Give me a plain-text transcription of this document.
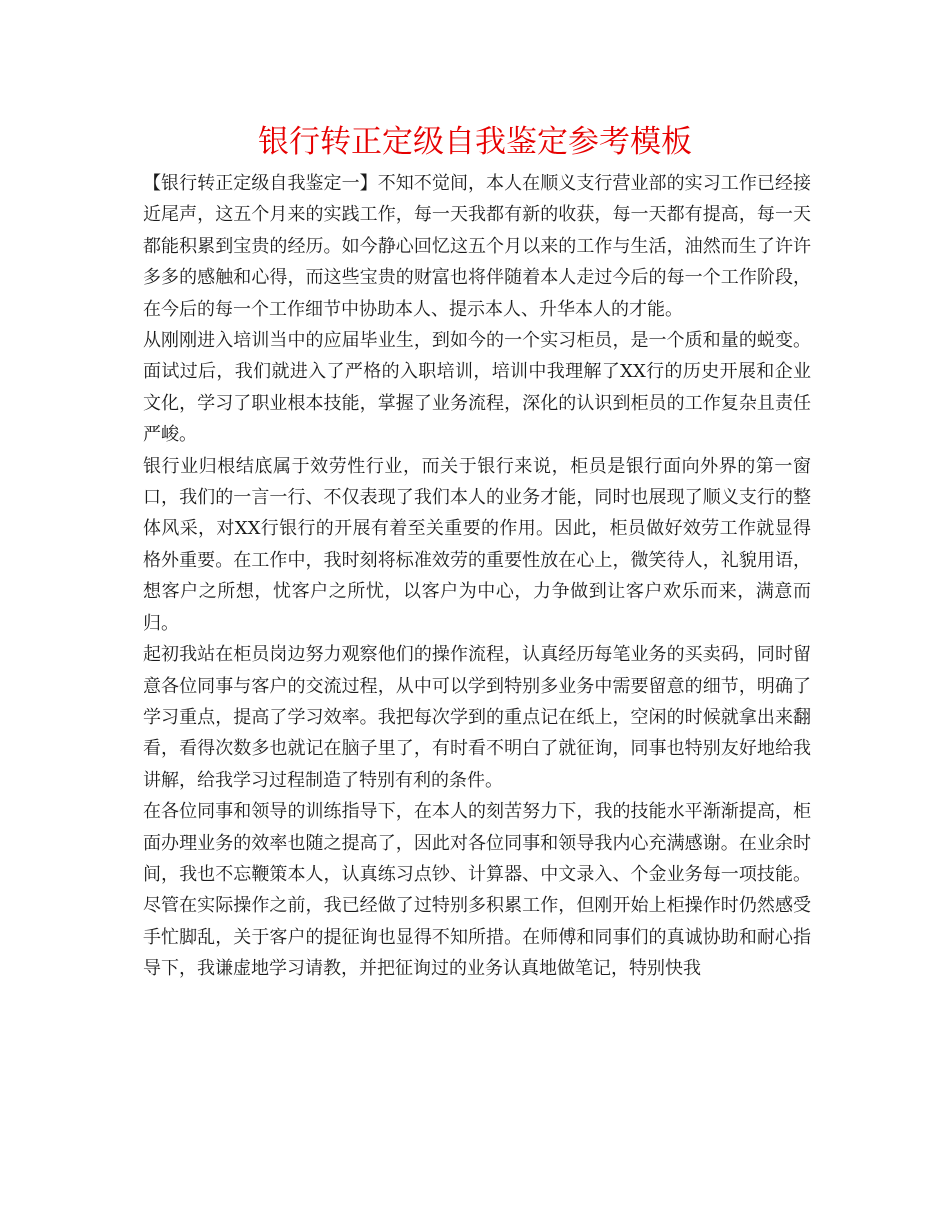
银行转正定级自我鉴定参考模板

【银行转正定级自我鉴定一】不知不觉间，本人在顺义支行营业部的实习工作已经接近尾声，这五个月来的实践工作，每一天我都有新的收获，每一天都有提高，每一天都能积累到宝贵的经历。如今静心回忆这五个月以来的工作与生活，油然而生了许许多多的感触和心得，而这些宝贵的财富也将伴随着本人走过今后的每一个工作阶段，在今后的每一个工作细节中协助本人、提示本人、升华本人的才能。

从刚刚进入培训当中的应届毕业生，到如今的一个实习柜员，是一个质和量的蜕变。面试过后，我们就进入了严格的入职培训，培训中我理解了XX行的历史开展和企业文化，学习了职业根本技能，掌握了业务流程，深化的认识到柜员的工作复杂且责任严峻。

银行业归根结底属于效劳性行业，而关于银行来说，柜员是银行面向外界的第一窗口，我们的一言一行、不仅表现了我们本人的业务才能，同时也展现了顺义支行的整体风采，对XX行银行的开展有着至关重要的作用。因此，柜员做好效劳工作就显得格外重要。在工作中，我时刻将标准效劳的重要性放在心上，微笑待人，礼貌用语，想客户之所想，忧客户之所忧，以客户为中心，力争做到让客户欢乐而来，满意而归。

起初我站在柜员岗边努力观察他们的操作流程，认真经历每笔业务的买卖码，同时留意各位同事与客户的交流过程，从中可以学到特别多业务中需要留意的细节，明确了学习重点，提高了学习效率。我把每次学到的重点记在纸上，空闲的时候就拿出来翻看，看得次数多也就记在脑子里了，有时看不明白了就征询，同事也特别友好地给我讲解，给我学习过程制造了特别有利的条件。

在各位同事和领导的训练指导下，在本人的刻苦努力下，我的技能水平渐渐提高，柜面办理业务的效率也随之提高了，因此对各位同事和领导我内心充满感谢。在业余时间，我也不忘鞭策本人，认真练习点钞、计算器、中文录入、个金业务每一项技能。尽管在实际操作之前，我已经做了过特别多积累工作，但刚开始上柜操作时仍然感受手忙脚乱，关于客户的提征询也显得不知所措。在师傅和同事们的真诚协助和耐心指导下，我谦虚地学习请教，并把征询过的业务认真地做笔记，特别快我
